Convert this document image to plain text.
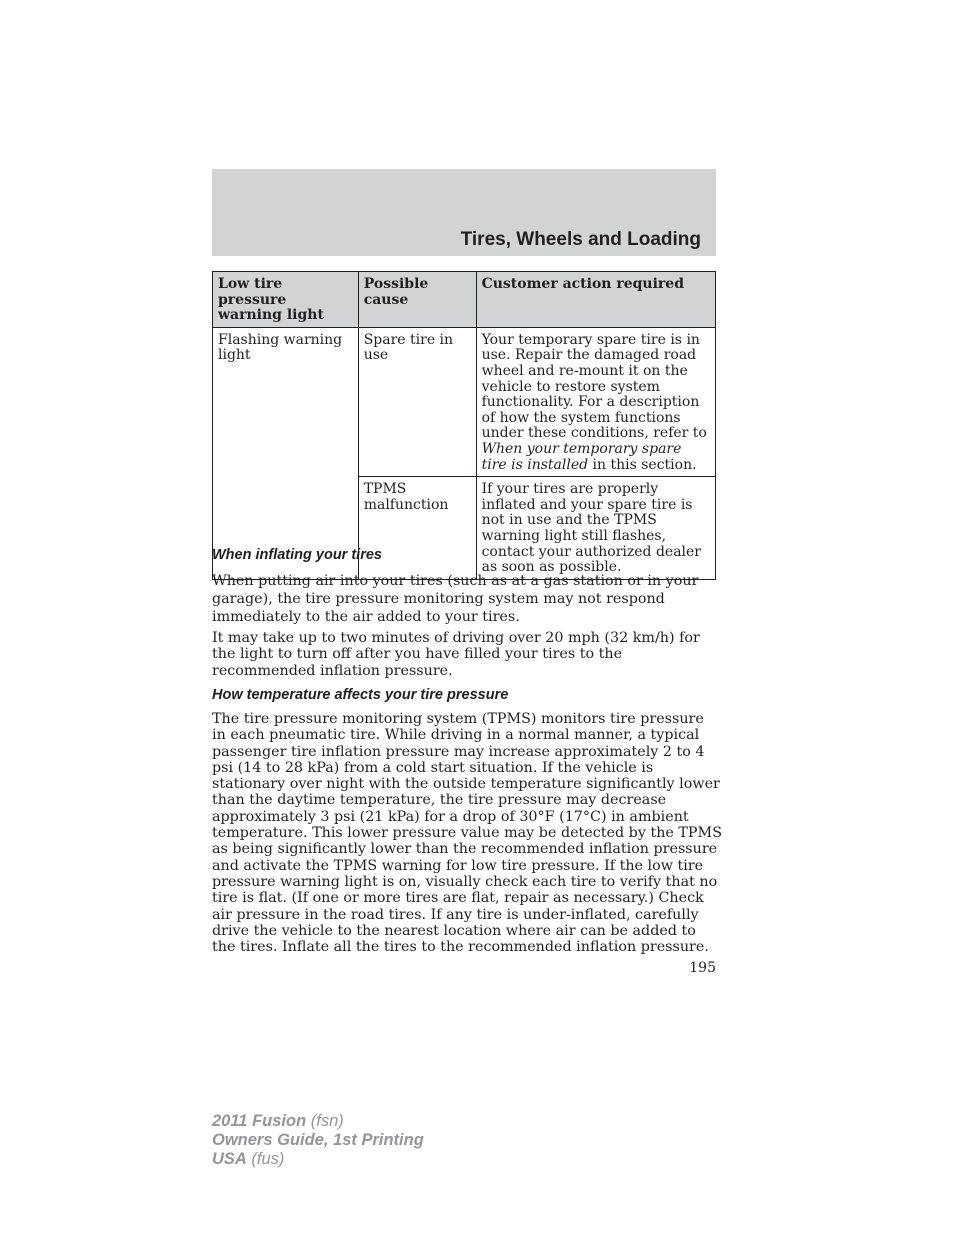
Tires, Wheels and Loading
Low tire pressure warning light	Possible cause	Customer action required
Flashing warning light	Spare tire in use	Your temporary spare tire is in use. Repair the damaged road wheel and re-mount it on the vehicle to restore system functionality. For a description of how the system functions under these conditions, refer to When your temporary spare tire is installed in this section.
	TPMS malfunction	If your tires are properly inflated and your spare tire is not in use and the TPMS warning light still flashes, contact your authorized dealer as soon as possible.
When inflating your tires
When putting air into your tires (such as at a gas station or in your garage), the tire pressure monitoring system may not respond immediately to the air added to your tires.
It may take up to two minutes of driving over 20 mph (32 km/h) for the light to turn off after you have filled your tires to the recommended inflation pressure.
How temperature affects your tire pressure
The tire pressure monitoring system (TPMS) monitors tire pressure in each pneumatic tire. While driving in a normal manner, a typical passenger tire inflation pressure may increase approximately 2 to 4 psi (14 to 28 kPa) from a cold start situation. If the vehicle is stationary over night with the outside temperature significantly lower than the daytime temperature, the tire pressure may decrease approximately 3 psi (21 kPa) for a drop of 30°F (17°C) in ambient temperature. This lower pressure value may be detected by the TPMS as being significantly lower than the recommended inflation pressure and activate the TPMS warning for low tire pressure. If the low tire pressure warning light is on, visually check each tire to verify that no tire is flat. (If one or more tires are flat, repair as necessary.) Check air pressure in the road tires. If any tire is under-inflated, carefully drive the vehicle to the nearest location where air can be added to the tires. Inflate all the tires to the recommended inflation pressure.
195
2011 Fusion (fsn)
Owners Guide, 1st Printing
USA (fus)
